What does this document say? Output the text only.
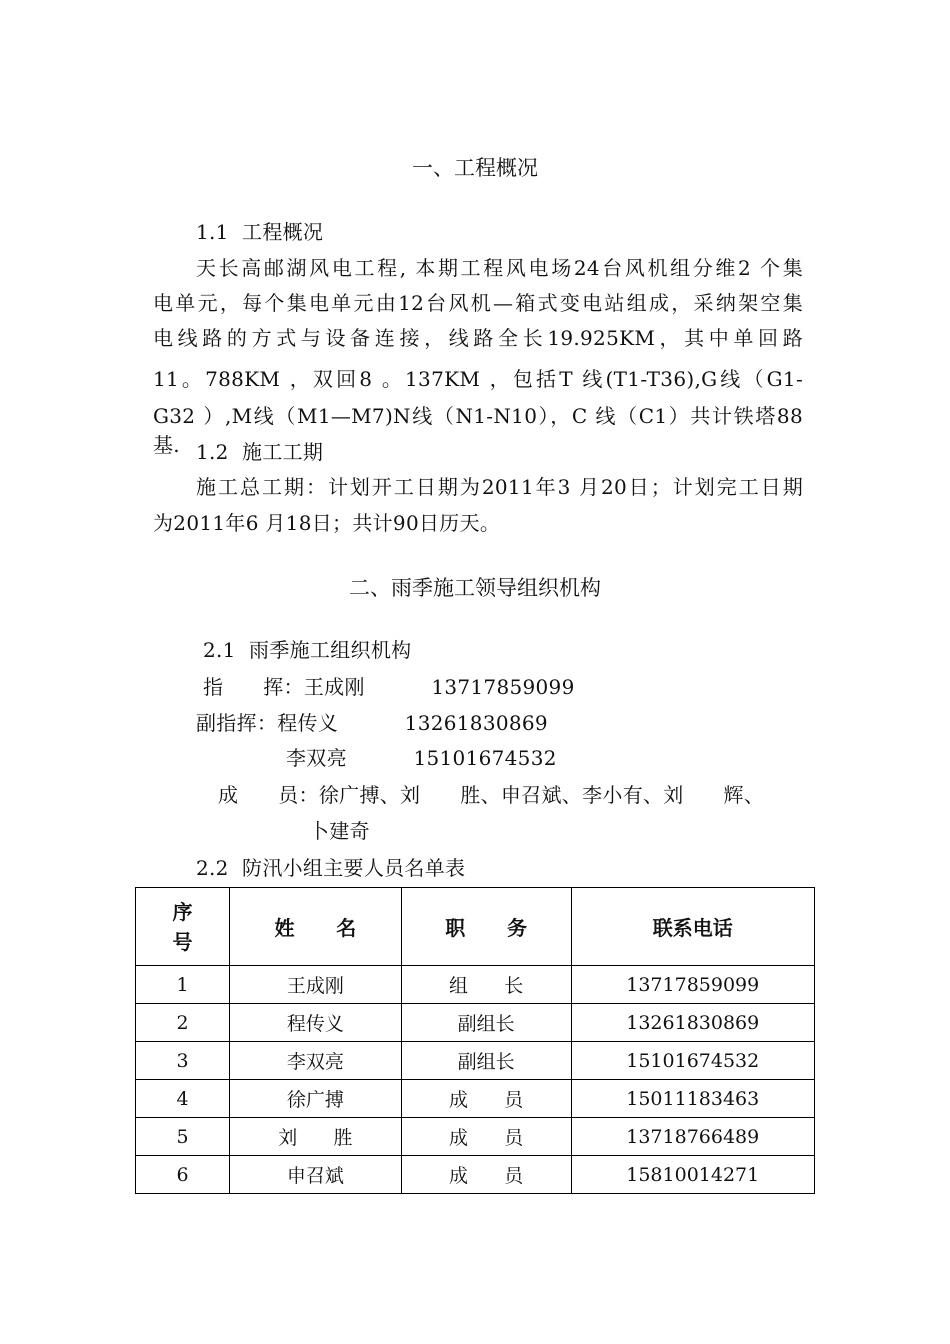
一、工程概况
1.1  工程概况
天长高邮湖风电工程, 本期工程风电场24台风机组分维2 个集
电单元，每个集电单元由12台风机—箱式变电站组成，采纳架空集
电线路的方式与设备连接，线路全长19.925KM，其中单回路
11。788KM ，双回8 。137KM ，包括T 线(T1-T36),G线（G1-
G32 ）,M线（M1—M7)N线（N1-N10），C 线（C1）共计铁塔88基. 1.2  施工工期
施工总工期：计划开工日期为2011年3 月20日；计划完工日期
为2011年6 月18日；共计90日历天。
二、雨季施工领导组织机构
2.1  雨季施工组织机构
指      挥：王成刚          13717859099
副指挥：程传义          13261830869
李双亮          15101674532
成      员：徐广搏、刘      胜、申召斌、李小有、刘      辉、
卜建奇
2.2  防汛小组主要人员名单表
序
号	姓      名	职      务	联系电话
1	王成刚	组      长	13717859099
2	程传义	副组长	13261830869
3	李双亮	副组长	15101674532
4	徐广搏	成      员	15011183463
5	刘      胜	成      员	13718766489
6	申召斌	成      员	15810014271
